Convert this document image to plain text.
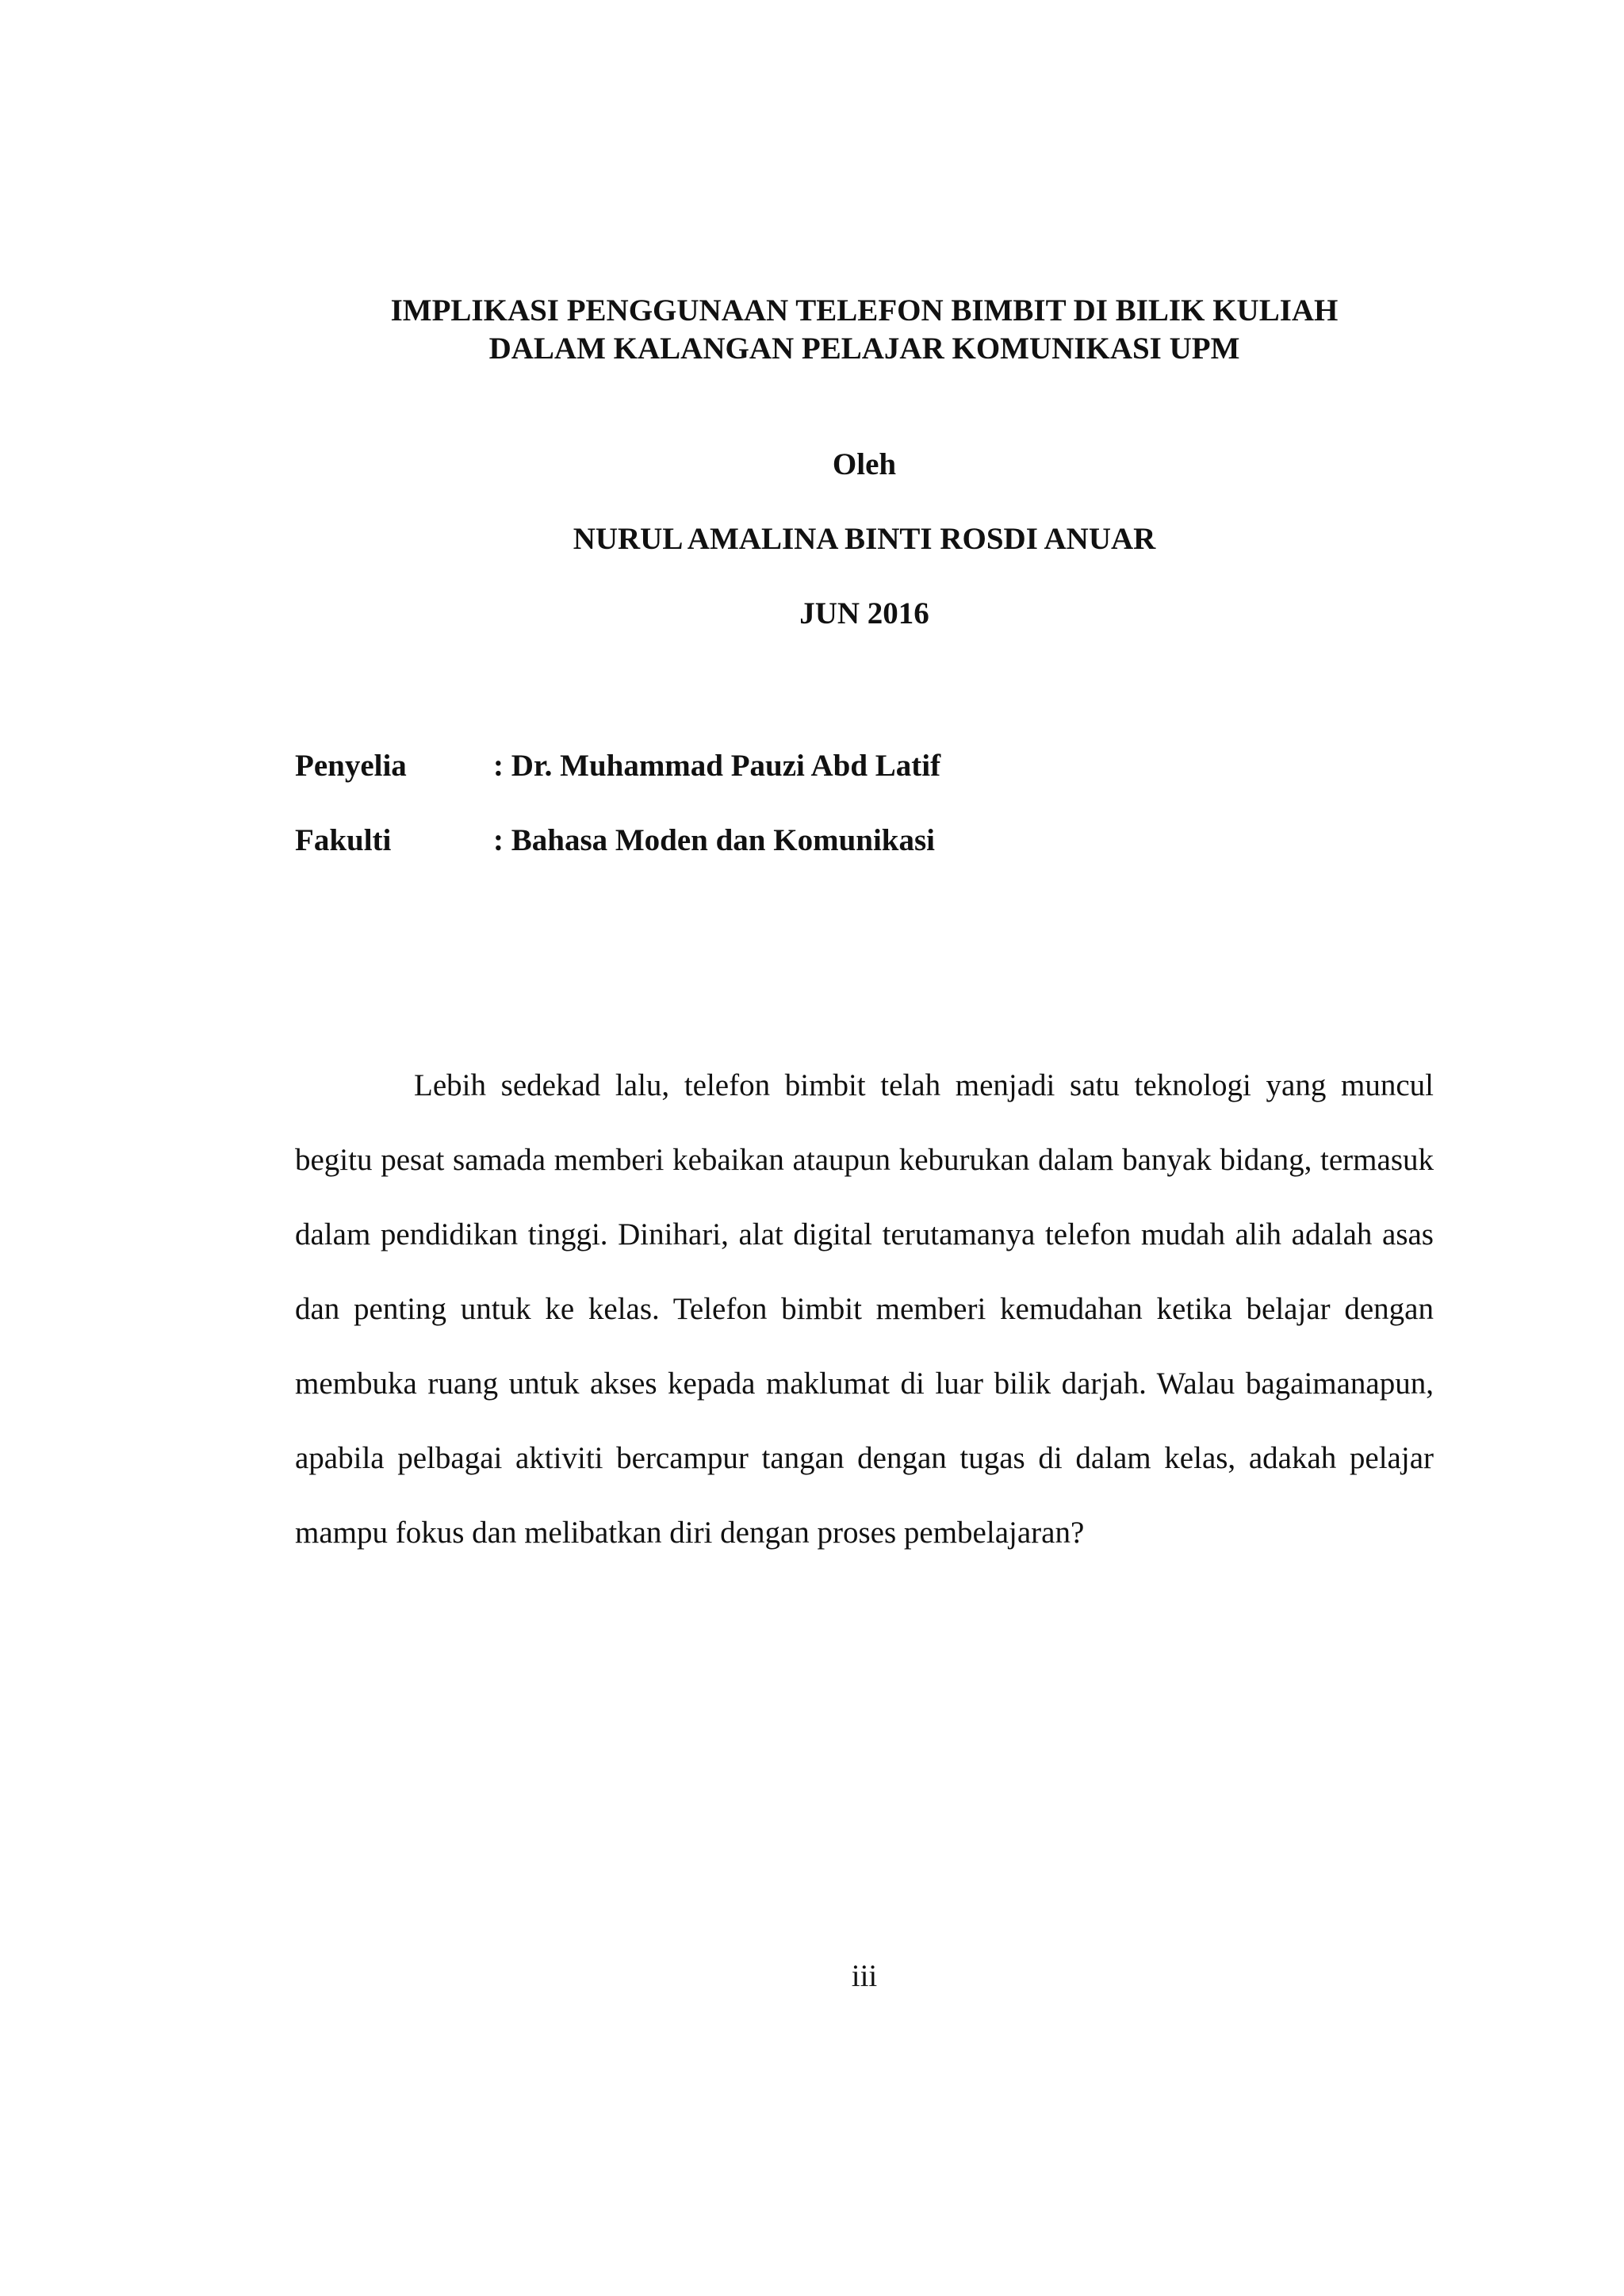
IMPLIKASI PENGGUNAAN TELEFON BIMBIT DI BILIK KULIAH
DALAM KALANGAN PELAJAR KOMUNIKASI UPM
Oleh
NURUL AMALINA BINTI ROSDI ANUAR
JUN 2016
Penyelia	: Dr. Muhammad Pauzi Abd Latif
Fakulti	: Bahasa Moden dan Komunikasi

Lebih sedekad lalu, telefon bimbit telah menjadi satu teknologi yang muncul begitu pesat samada memberi kebaikan ataupun keburukan dalam banyak bidang, termasuk dalam pendidikan tinggi. Dinihari, alat digital terutamanya telefon mudah alih adalah asas dan penting untuk ke kelas. Telefon bimbit memberi kemudahan ketika belajar dengan membuka ruang untuk akses kepada maklumat di luar bilik darjah. Walau bagaimanapun, apabila pelbagai aktiviti bercampur tangan dengan tugas di dalam kelas, adakah pelajar mampu fokus dan melibatkan diri dengan proses pembelajaran?

iii
